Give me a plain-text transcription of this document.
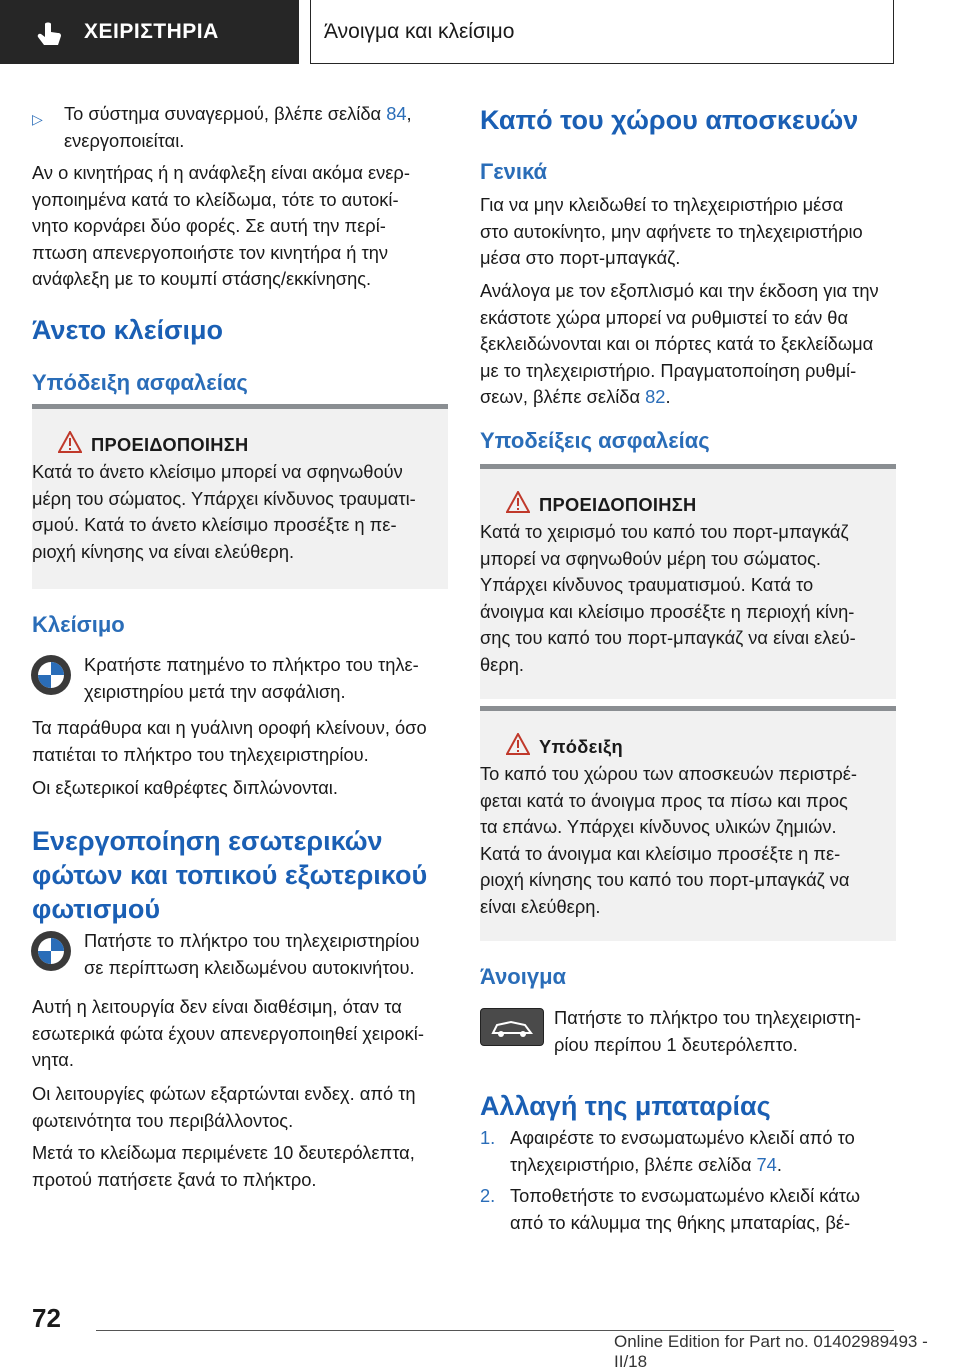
ΧΕΙΡΙΣΤΗΡΙΑ	Άνοιγμα και κλείσιμο
▷ Το σύστημα συναγερμού, βλέπε σελίδα 84,

ενεργοποιείται.

Αν ο κινητήρας ή η ανάφλεξη είναι ακόμα ενερ-

γοποιημένα κατά το κλείδωμα, τότε το αυτοκί-

νητο κορνάρει δύο φορές. Σε αυτή την περί-

πτωση απενεργοποιήστε τον κινητήρα ή την

ανάφλεξη με το κουμπί στάσης/εκκίνησης.

Άνετο κλείσιμο
Υπόδειξη ασφαλείας
ΠΡΟΕΙΔΟΠΟΙΗΣΗ

Κατά το άνετο κλείσιμο μπορεί να σφηνωθούν

μέρη του σώματος. Υπάρχει κίνδυνος τραυματι-

σμού. Κατά το άνετο κλείσιμο προσέξτε η πε-

ριοχή κίνησης να είναι ελεύθερη.

Κλείσιμο

Κρατήστε πατημένο το πλήκτρο του τηλε-

χειριστηρίου μετά την ασφάλιση.

Τα παράθυρα και η γυάλινη οροφή κλείνουν, όσο

πατιέται το πλήκτρο του τηλεχειριστηρίου.

Οι εξωτερικοί καθρέφτες διπλώνονται.

Ενεργοποίηση εσωτερικών
φώτων και τοπικού εξωτερικού
φωτισμού

Πατήστε το πλήκτρο του τηλεχειριστηρίου

σε περίπτωση κλειδωμένου αυτοκινήτου.

Αυτή η λειτουργία δεν είναι διαθέσιμη, όταν τα

εσωτερικά φώτα έχουν απενεργοποιηθεί χειροκί-

νητα.

Οι λειτουργίες φώτων εξαρτώνται ενδεχ. από τη

φωτεινότητα του περιβάλλοντος.

Μετά το κλείδωμα περιμένετε 10 δευτερόλεπτα,

προτού πατήσετε ξανά το πλήκτρο.

Καπό του χώρου αποσκευών
Γενικά

Για να μην κλειδωθεί το τηλεχειριστήριο μέσα

στο αυτοκίνητο, μην αφήνετε το τηλεχειριστήριο

μέσα στο πορτ-μπαγκάζ.

Ανάλογα με τον εξοπλισμό και την έκδοση για την

εκάστοτε χώρα μπορεί να ρυθμιστεί το εάν θα

ξεκλειδώνονται και οι πόρτες κατά το ξεκλείδωμα

με το τηλεχειριστήριο. Πραγματοποίηση ρυθμί-

σεων, βλέπε σελίδα 82.

Υποδείξεις ασφαλείας
ΠΡΟΕΙΔΟΠΟΙΗΣΗ

Κατά το χειρισμό του καπό του πορτ-μπαγκάζ

μπορεί να σφηνωθούν μέρη του σώματος.

Υπάρχει κίνδυνος τραυματισμού. Κατά το

άνοιγμα και κλείσιμο προσέξτε η περιοχή κίνη-

σης του καπό του πορτ-μπαγκάζ να είναι ελεύ-

θερη.

Υπόδειξη

Το καπό του χώρου των αποσκευών περιστρέ-

φεται κατά το άνοιγμα προς τα πίσω και προς

τα επάνω. Υπάρχει κίνδυνος υλικών ζημιών.

Κατά το άνοιγμα και κλείσιμο προσέξτε η πε-

ριοχή κίνησης του καπό του πορτ-μπαγκάζ να

είναι ελεύθερη.

Άνοιγμα

Πατήστε το πλήκτρο του τηλεχειριστη-

ρίου περίπου 1 δευτερόλεπτο.

Αλλαγή της μπαταρίας
1. Αφαιρέστε το ενσωματωμένο κλειδί από το

τηλεχειριστήριο, βλέπε σελίδα 74.

2. Τοποθετήστε το ενσωματωμένο κλειδί κάτω

από το κάλυμμα της θήκης μπαταρίας, βέ-

72
Online Edition for Part no. 01402989493 - II/18
